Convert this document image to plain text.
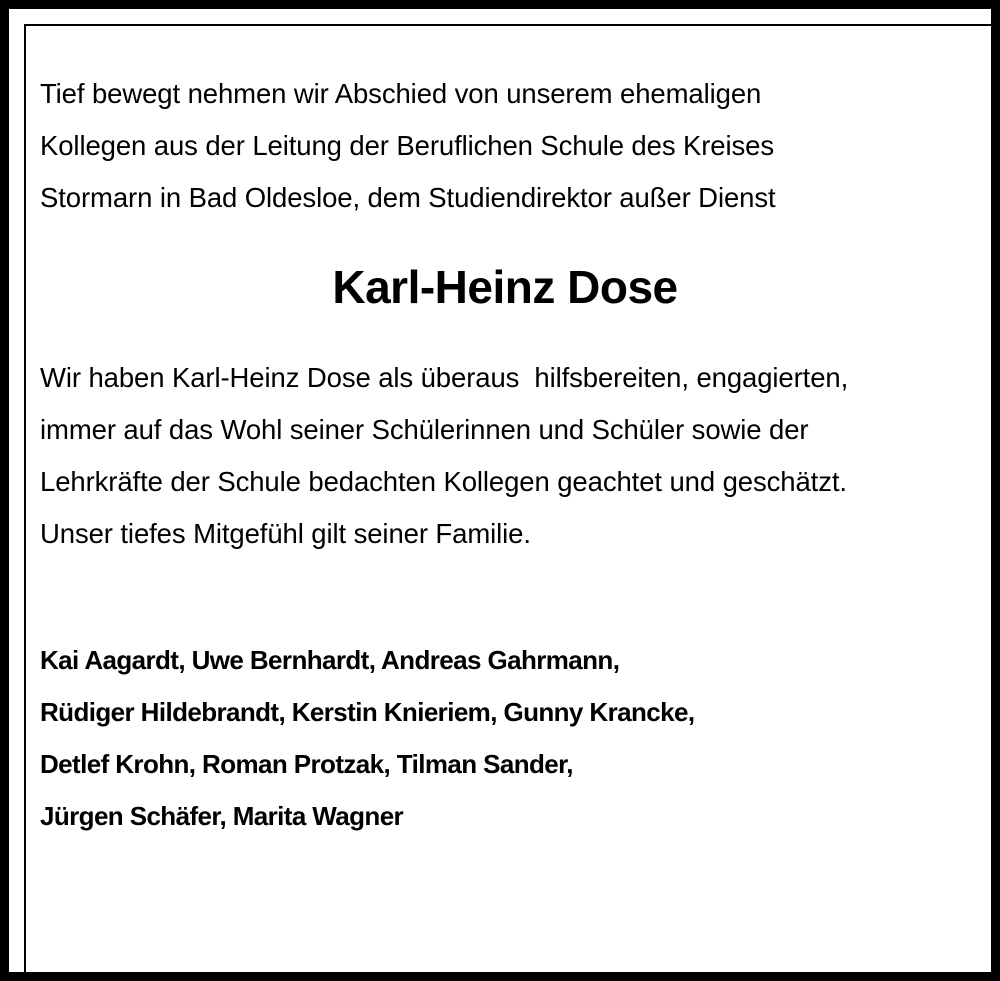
Tief bewegt nehmen wir Abschied von unserem ehemaligen

Kollegen aus der Leitung der Beruflichen Schule des Kreises

Stormarn in Bad Oldesloe, dem Studiendirektor außer Dienst

Karl-Heinz Dose

Wir haben Karl-Heinz Dose als überaus  hilfsbereiten, engagierten,

immer auf das Wohl seiner Schülerinnen und Schüler sowie der

Lehrkräfte der Schule bedachten Kollegen geachtet und geschätzt.

Unser tiefes Mitgefühl gilt seiner Familie.

Kai Aagardt, Uwe Bernhardt, Andreas Gahrmann,

Rüdiger Hildebrandt, Kerstin Knieriem, Gunny Krancke,

Detlef Krohn, Roman Protzak, Tilman Sander,

Jürgen Schäfer, Marita Wagner
